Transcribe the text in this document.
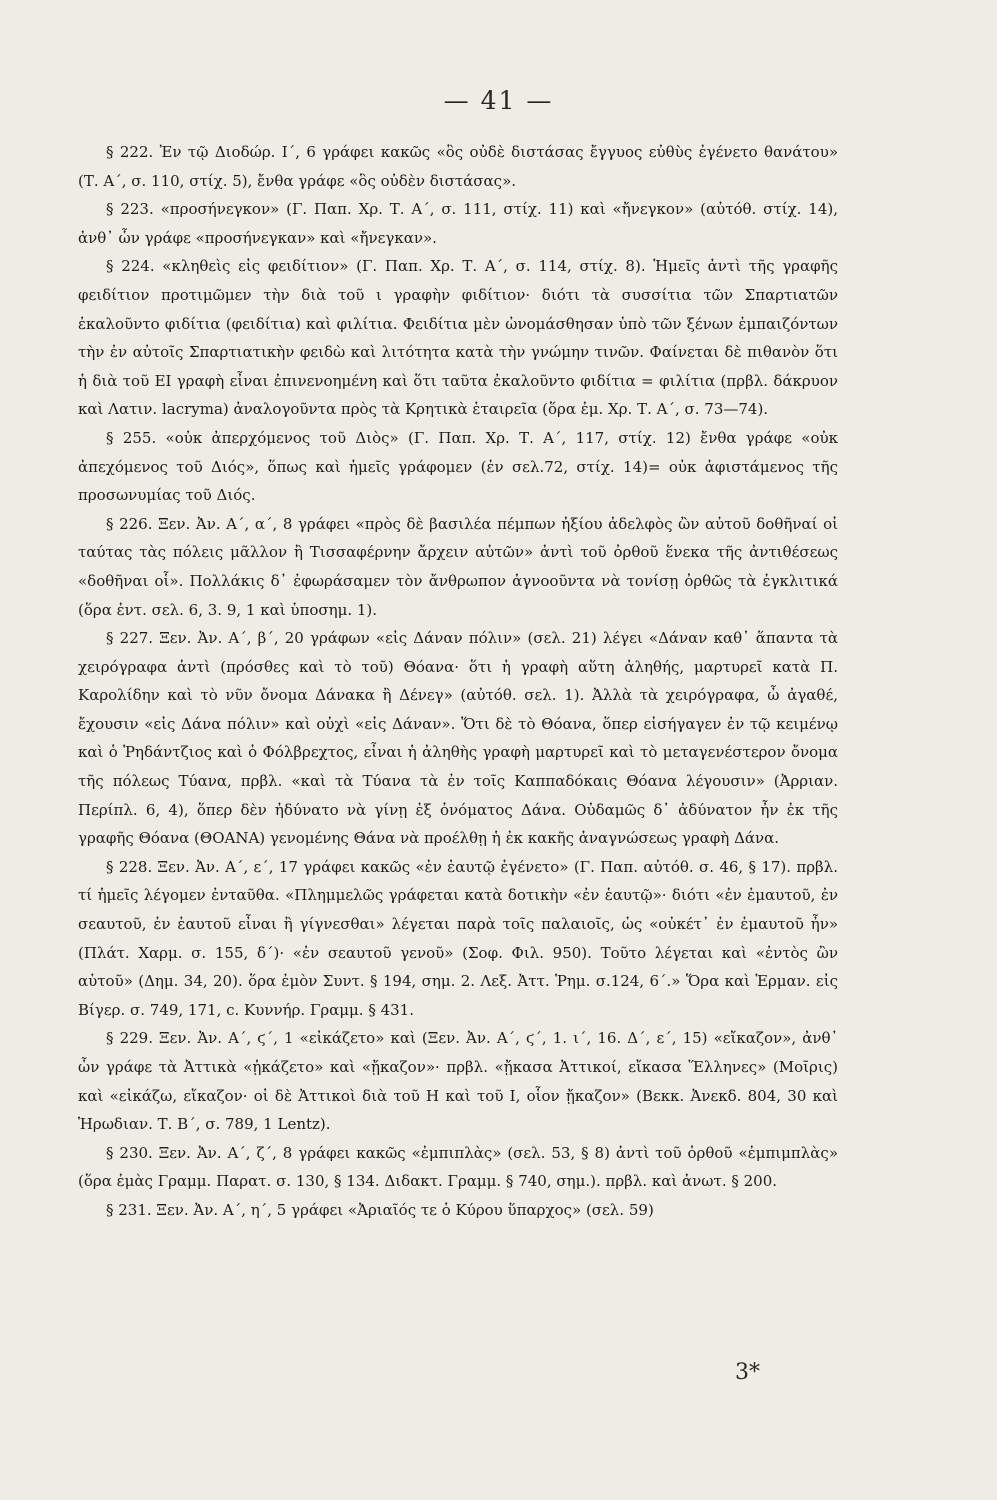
— 41 —

§ 222. Ἐν τῷ Διοδώρ. Ι΄, 6 γράφει κακῶς «ὃς οὐδὲ διστάσας ἔγγυος εὐθὺς ἐγένετο θανάτου» (Τ. Α΄, σ. 110, στίχ. 5), ἔνθα γράφε «ὃς οὐδὲν διστάσας».

§ 223. «προσήνεγκον» (Γ. Παπ. Χρ. Τ. Α΄, σ. 111, στίχ. 11) καὶ «ἤνεγκον» (αὐτόθ. στίχ. 14), ἀνθ᾽ ὧν γράφε «προσήνεγκαν» καὶ «ἤνεγκαν».

§ 224. «κληθεὶς εἰς φειδίτιον» (Γ. Παπ. Χρ. Τ. Α΄, σ. 114, στίχ. 8). Ἡμεῖς ἀντὶ τῆς γραφῆς φειδίτιον προτιμῶμεν τὴν διὰ τοῦ ι γραφὴν φιδίτιον· διότι τὰ συσσίτια τῶν Σπαρτιατῶν ἐκαλοῦντο φιδίτια (φειδίτια) καὶ φιλίτια. Φειδίτια μὲν ὠνομάσθησαν ὑπὸ τῶν ξένων ἐμπαιζόντων τὴν ἐν αὐτοῖς Σπαρτιατικὴν φειδὼ καὶ λιτότητα κατὰ τὴν γνώμην τινῶν. Φαίνεται δὲ πιθανὸν ὅτι ἡ διὰ τοῦ ΕΙ γραφὴ εἶναι ἐπινενοημένη καὶ ὅτι ταῦτα ἐκαλοῦντο φιδίτια = φιλίτια (πρβλ. δάκρυον καὶ Λατιν. lacryma) ἀναλογοῦντα πρὸς τὰ Κρητικὰ ἑταιρεῖα (ὅρα ἐμ. Χρ. Τ. Α΄, σ. 73—74).

§ 255. «οὐκ ἀπερχόμενος τοῦ Διὸς» (Γ. Παπ. Χρ. Τ. Α΄, 117, στίχ. 12) ἔνθα γράφε «οὐκ ἀπεχόμενος τοῦ Διός», ὅπως καὶ ἡμεῖς γράφομεν (ἐν σελ.72, στίχ. 14)= οὐκ ἀφιστάμενος τῆς προσωνυμίας τοῦ Διός.

§ 226. Ξεν. Ἀν. Α΄, α΄, 8 γράφει «πρὸς δὲ βασιλέα πέμπων ἠξίου ἀδελφὸς ὢν αὐτοῦ δοθῆναί οἱ ταύτας τὰς πόλεις μᾶλλον ἢ Τισσαφέρνην ἄρχειν αὐτῶν» ἀντὶ τοῦ ὀρθοῦ ἕνεκα τῆς ἀντιθέσεως «δοθῆναι οἷ». Πολλάκις δ᾽ ἐφωράσαμεν τὸν ἄνθρωπον ἀγνοοῦντα νὰ τονίσῃ ὀρθῶς τὰ ἐγκλιτικά (ὅρα ἐντ. σελ. 6, 3. 9, 1 καὶ ὑποσημ. 1).

§ 227. Ξεν. Ἀν. Α΄, β΄, 20 γράφων «εἰς Δάναν πόλιν» (σελ. 21) λέγει «Δάναν καθ᾽ ἅπαντα τὰ χειρόγραφα ἀντὶ (πρόσθες καὶ τὸ τοῦ) Θόανα· ὅτι ἡ γραφὴ αὕτη ἀληθής, μαρτυρεῖ κατὰ Π. Καρολίδην καὶ τὸ νῦν ὄνομα Δάνακα ἢ Δένεγ» (αὐτόθ. σελ. 1). Ἀλλὰ τὰ χειρόγραφα, ὦ ἀγαθέ, ἔχουσιν «εἰς Δάνα πόλιν» καὶ οὐχὶ «εἰς Δάναν». Ὅτι δὲ τὸ Θόανα, ὅπερ εἰσήγαγεν ἐν τῷ κειμένῳ καὶ ὁ Ῥηδάντζιος καὶ ὁ Φόλβρεχτος, εἶναι ἡ ἀληθὴς γραφὴ μαρτυρεῖ καὶ τὸ μεταγενέστερον ὄνομα τῆς πόλεως Τύανα, πρβλ. «καὶ τὰ Τύανα τὰ ἐν τοῖς Καππαδόκαις Θόανα λέγουσιν» (Ἀρριαν. Περίπλ. 6, 4), ὅπερ δὲν ἠδύνατο νὰ γίνῃ ἐξ ὀνόματος Δάνα. Οὐδαμῶς δ᾽ ἀδύνατον ἦν ἐκ τῆς γραφῆς Θόανα (ΘΟΑΝΑ) γενομένης Θάνα νὰ προέλθῃ ἡ ἐκ κακῆς ἀναγνώσεως γραφὴ Δάνα.

§ 228. Ξεν. Ἀν. Α΄, ε΄, 17 γράφει κακῶς «ἐν ἑαυτῷ ἐγένετο» (Γ. Παπ. αὐτόθ. σ. 46, § 17). πρβλ. τί ἡμεῖς λέγομεν ἐνταῦθα. «Πλημμελῶς γράφεται κατὰ δοτικὴν «ἐν ἑαυτῷ»· διότι «ἐν ἐμαυτοῦ, ἐν σεαυτοῦ, ἐν ἑαυτοῦ εἶναι ἢ γίγνεσθαι» λέγεται παρὰ τοῖς παλαιοῖς, ὡς «οὐκέτ᾽ ἐν ἐμαυτοῦ ἦν» (Πλάτ. Χαρμ. σ. 155, δ΄)· «ἐν σεαυτοῦ γενοῦ» (Σοφ. Φιλ. 950). Τοῦτο λέγεται καὶ «ἐντὸς ὢν αὑτοῦ» (Δημ. 34, 20). ὅρα ἐμὸν Συντ. § 194, σημ. 2. Λεξ. Ἀττ. Ῥημ. σ.124, 6΄.» Ὅρα καὶ Ἑρμαν. εἰς Βίγερ. σ. 749, 171, c. Κυννήρ. Γραμμ. § 431.

§ 229. Ξεν. Ἀν. Α΄, ϛ΄, 1 «εἰκάζετο» καὶ (Ξεν. Ἀν. Α΄, ϛ΄, 1. ι΄, 16. Δ΄, ε΄, 15) «εἴκαζον», ἀνθ᾽ ὧν γράφε τὰ Ἀττικὰ «ᾐκάζετο» καὶ «ᾔκαζον»· πρβλ. «ᾔκασα Ἀττικοί, εἴκασα Ἕλληνες» (Μοῖρις) καὶ «εἰκάζω, εἴκαζον· οἱ δὲ Ἀττικοὶ διὰ τοῦ Η καὶ τοῦ Ι, οἷον ᾔκαζον» (Βεκκ. Ἀνεκδ. 804, 30 καὶ Ἡρωδιαν. Τ. Β΄, σ. 789, 1 Lentz).

§ 230. Ξεν. Ἀν. Α΄, ζ΄, 8 γράφει κακῶς «ἐμπιπλὰς» (σελ. 53, § 8) ἀντὶ τοῦ ὀρθοῦ «ἐμπιμπλὰς» (ὅρα ἐμὰς Γραμμ. Παρατ. σ. 130, § 134. Διδακτ. Γραμμ. § 740, σημ.). πρβλ. καὶ ἀνωτ. § 200.

§ 231. Ξεν. Ἀν. Α΄, η΄, 5 γράφει «Ἀριαῖός τε ὁ Κύρου ὕπαρχος» (σελ. 59)

3*
